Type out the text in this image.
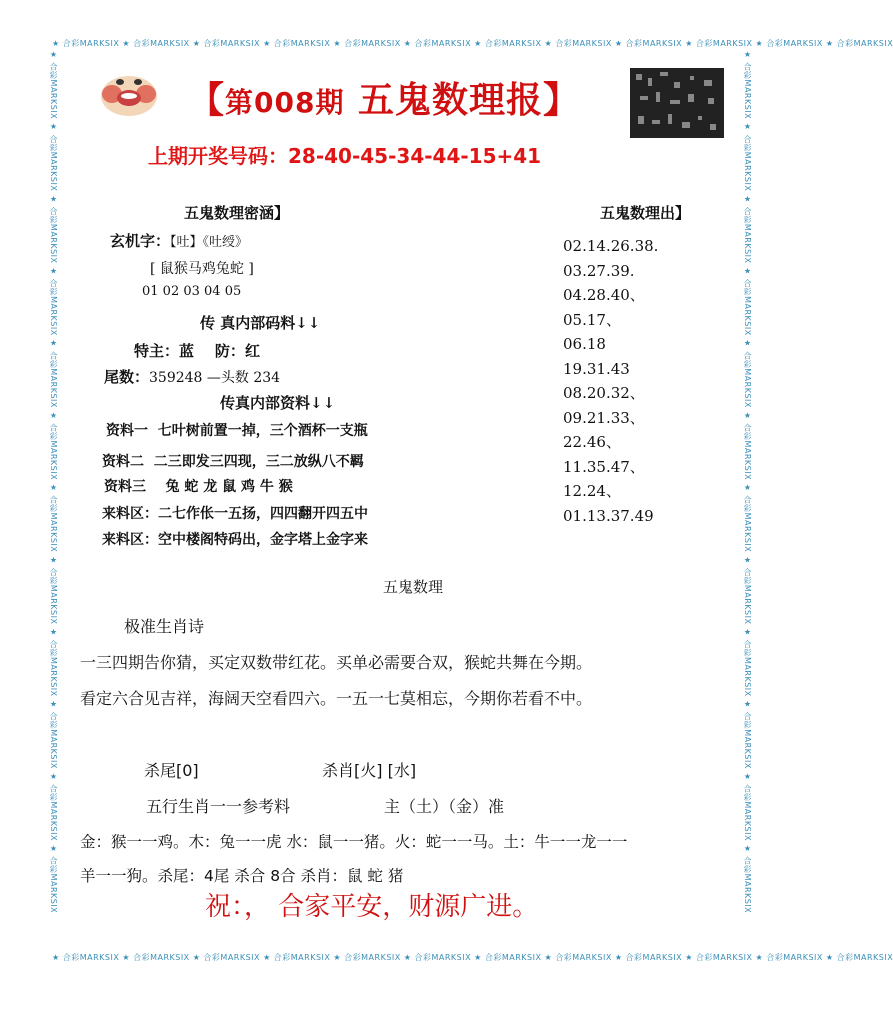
★ 合彩MARKSIX ★ 合彩MARKSIX ★ 合彩MARKSIX ★ 合彩MARKSIX ★ 合彩MARKSIX ★ 合彩MARKSIX ★ 合彩MARKSIX ★ 合彩MARKSIX ★ 合彩MARKSIX ★ 合彩MARKSIX ★ 合彩MARKSIX ★ 合彩MARKSIX
★ 合彩MARKSIX ★ 合彩MARKSIX ★ 合彩MARKSIX ★ 合彩MARKSIX ★ 合彩MARKSIX ★ 合彩MARKSIX ★ 合彩MARKSIX ★ 合彩MARKSIX ★ 合彩MARKSIX ★ 合彩MARKSIX ★ 合彩MARKSIX ★ 合彩MARKSIX
★ 合彩MARKSIX ★ 合彩MARKSIX ★ 合彩MARKSIX ★ 合彩MARKSIX ★ 合彩MARKSIX ★ 合彩MARKSIX ★ 合彩MARKSIX ★ 合彩MARKSIX ★ 合彩MARKSIX ★ 合彩MARKSIX ★ 合彩MARKSIX ★ 合彩MARKSIX	★ 合彩MARKSIX ★ 合彩MARKSIX ★ 合彩MARKSIX ★ 合彩MARKSIX ★ 合彩MARKSIX ★ 合彩MARKSIX ★ 合彩MARKSIX ★ 合彩MARKSIX ★ 合彩MARKSIX ★ 合彩MARKSIX ★ 合彩MARKSIX ★ 合彩MARKSIX
【第008期 五鬼数理报】
上期开奖号码：28-40-45-34-44-15+41
五鬼数理密涵】
玄机字：【吐】《吐绶》
[ 鼠猴马鸡兔蛇 ]
01 02 03 04 05
传 真内部码料↓↓
特主：蓝 防：红
尾数：359248 —头数 234
传真内部资料↓↓
资料一 七叶树前置一掉，三个酒杯一支瓶
资料二 二三即发三四现，三二放纵八不羁
资料三 兔 蛇 龙 鼠 鸡 牛 猴
来料区：二七作伥一五扬，四四翻开四五中
来料区：空中楼阁特码出，金字塔上金字来
五鬼数理出】
02.14.26.38.
03.27.39.
04.28.40、
05.17、
06.18
19.31.43
08.20.32、
09.21.33、
22.46、
11.35.47、
12.24、
01.13.37.49
五鬼数理
极准生肖诗
一三四期告你猜，买定双数带红花。买单必需要合双，猴蛇共舞在今期。
看定六合见吉祥，海阔天空看四六。一五一七莫相忘，今期你若看不中。
杀尾[0]	杀肖[火] [水]
五行生肖一一参考料	主（土）（金）准
金：猴一一鸡。木：兔一一虎 水：鼠一一猪。火：蛇一一马。土：牛一一龙一一
羊一一狗。杀尾：4尾 杀合 8合 杀肖：鼠 蛇 猪
祝：， 合家平安，财源广进。
